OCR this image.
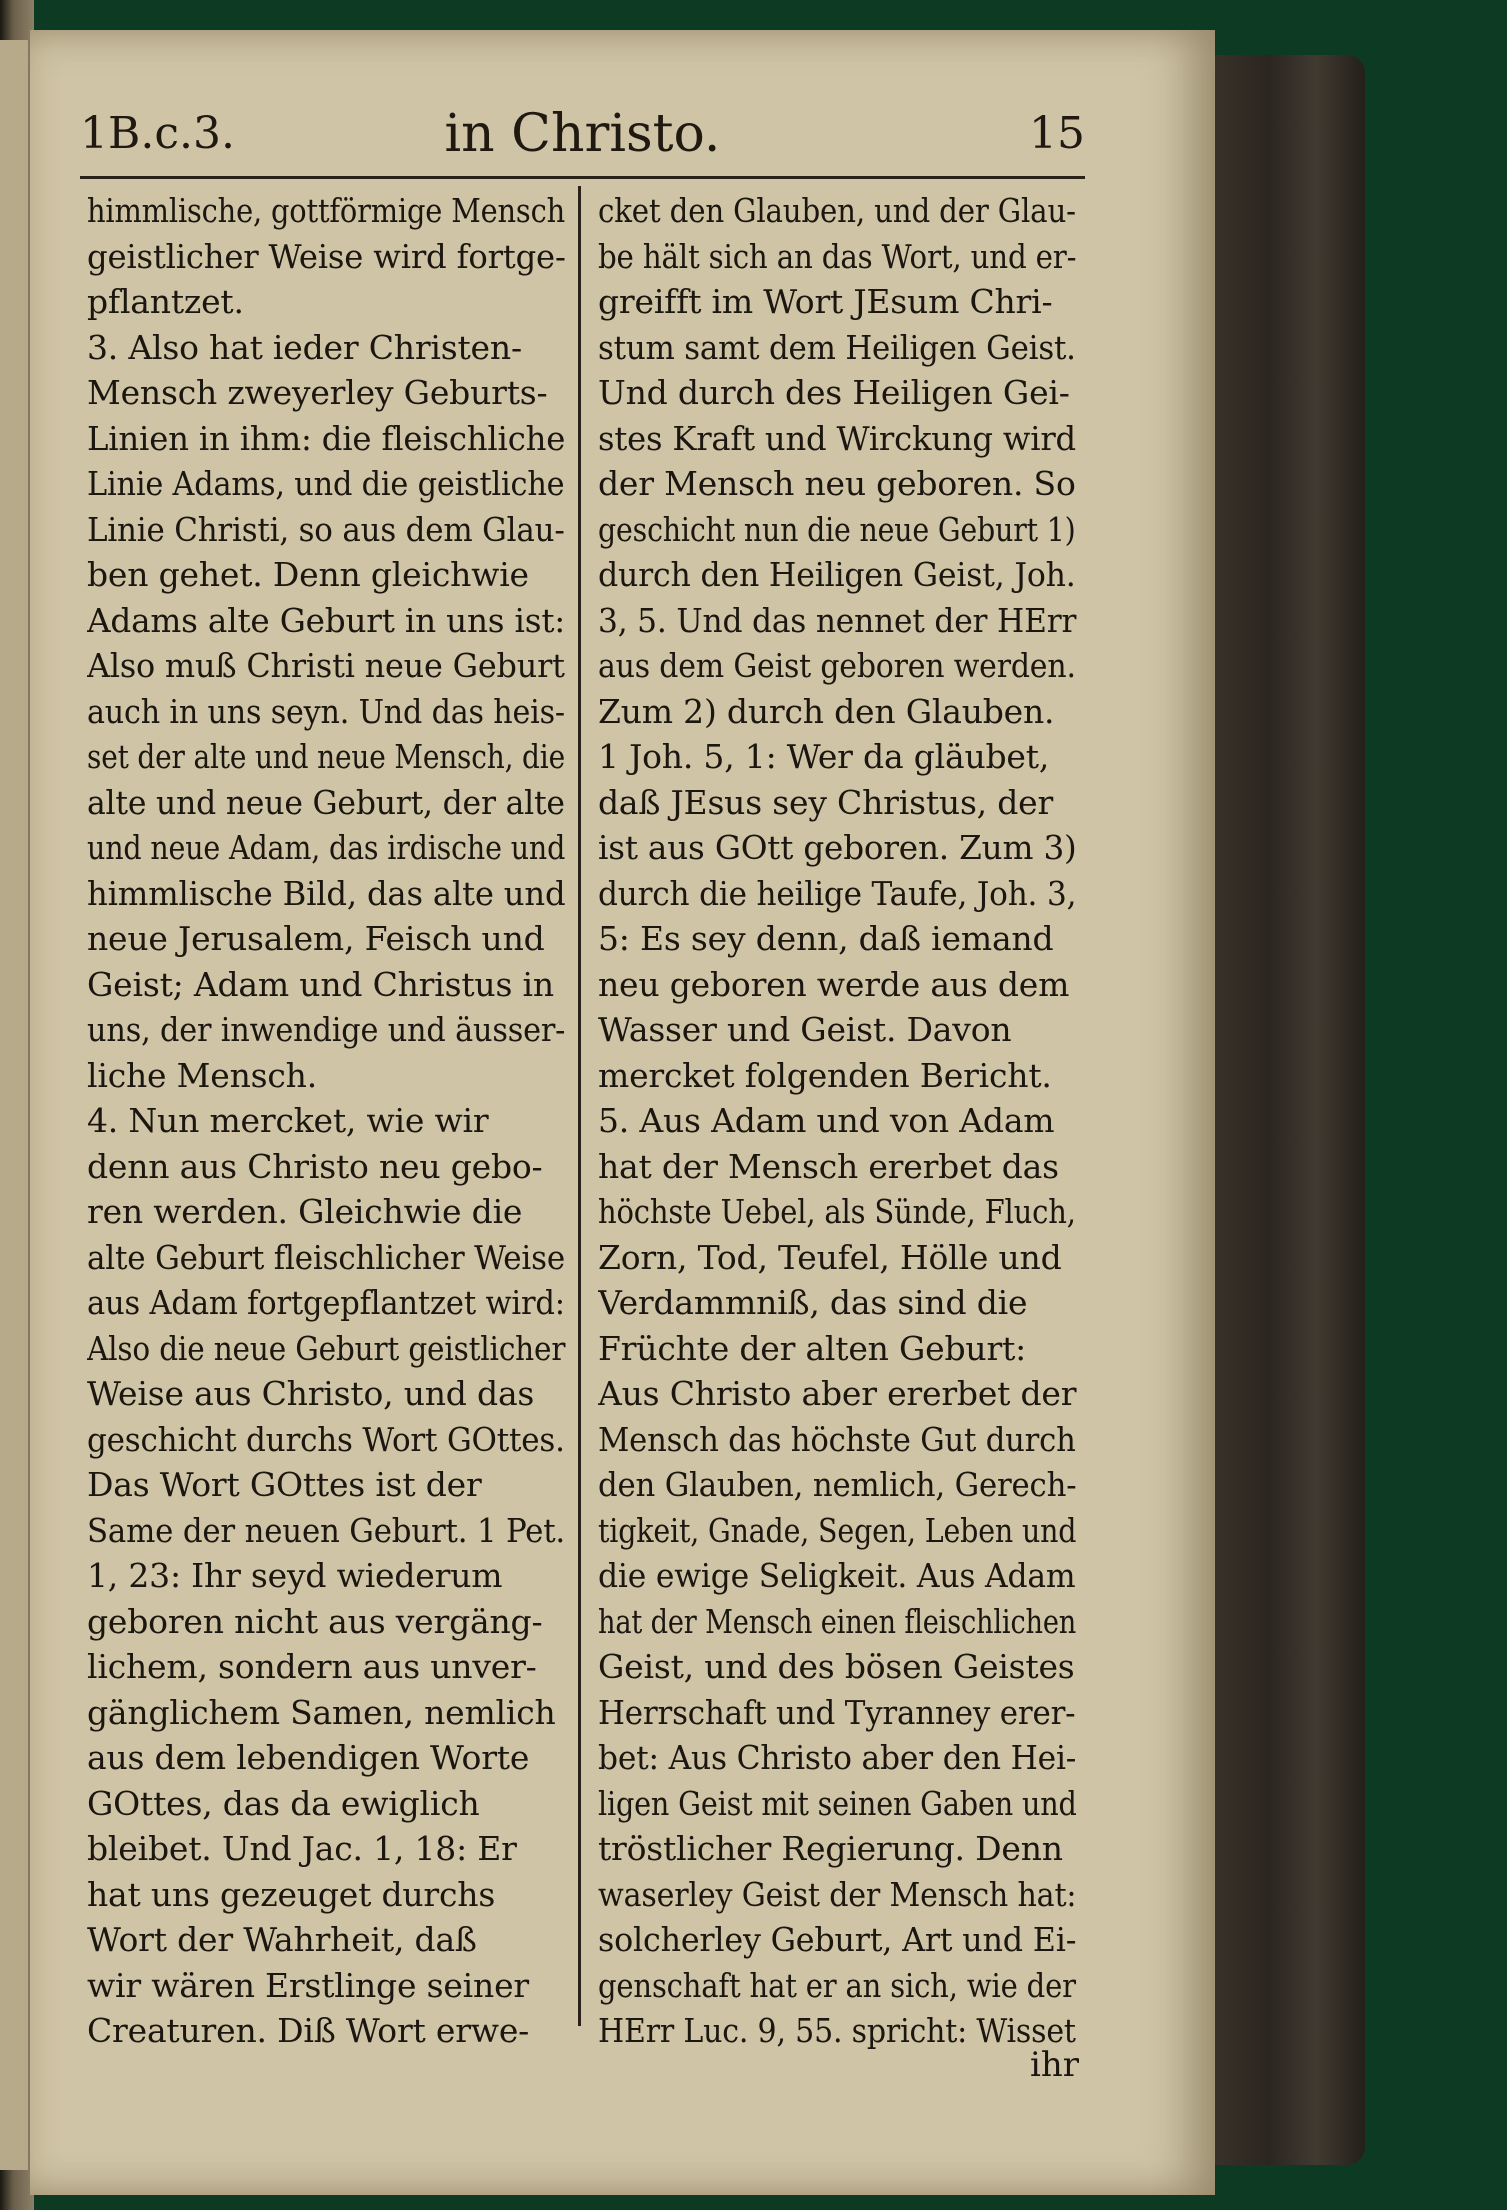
1B.c.3.	in Christo.	15
himmlische, gottförmige Mensch
geistlicher Weise wird fortge-
pflantzet.
3. Also hat ieder Christen-
Mensch zweyerley Geburts-
Linien in ihm: die fleischliche
Linie Adams, und die geistliche
Linie Christi, so aus dem Glau-
ben gehet. Denn gleichwie
Adams alte Geburt in uns ist:
Also muß Christi neue Geburt
auch in uns seyn. Und das heis-
set der alte und neue Mensch, die
alte und neue Geburt, der alte
und neue Adam, das irdische und
himmlische Bild, das alte und
neue Jerusalem, Feisch und
Geist; Adam und Christus in
uns, der inwendige und äusser-
liche Mensch.
4. Nun mercket, wie wir
denn aus Christo neu gebo-
ren werden. Gleichwie die
alte Geburt fleischlicher Weise
aus Adam fortgepflantzet wird:
Also die neue Geburt geistlicher
Weise aus Christo, und das
geschicht durchs Wort GOttes.
Das Wort GOttes ist der
Same der neuen Geburt. 1 Pet.
1, 23: Ihr seyd wiederum
geboren nicht aus vergäng-
lichem, sondern aus unver-
gänglichem Samen, nemlich
aus dem lebendigen Worte
GOttes, das da ewiglich
bleibet. Und Jac. 1, 18: Er
hat uns gezeuget durchs
Wort der Wahrheit, daß
wir wären Erstlinge seiner
Creaturen. Diß Wort erwe-
cket den Glauben, und der Glau-
be hält sich an das Wort, und er-
greifft im Wort JEsum Chri-
stum samt dem Heiligen Geist.
Und durch des Heiligen Gei-
stes Kraft und Wirckung wird
der Mensch neu geboren. So
geschicht nun die neue Geburt 1)
durch den Heiligen Geist, Joh.
3, 5. Und das nennet der HErr
aus dem Geist geboren werden.
Zum 2) durch den Glauben.
1 Joh. 5, 1: Wer da gläubet,
daß JEsus sey Christus, der
ist aus GOtt geboren. Zum 3)
durch die heilige Taufe, Joh. 3,
5: Es sey denn, daß iemand
neu geboren werde aus dem
Wasser und Geist. Davon
mercket folgenden Bericht.
5. Aus Adam und von Adam
hat der Mensch ererbet das
höchste Uebel, als Sünde, Fluch,
Zorn, Tod, Teufel, Hölle und
Verdammniß, das sind die
Früchte der alten Geburt:
Aus Christo aber ererbet der
Mensch das höchste Gut durch
den Glauben, nemlich, Gerech-
tigkeit, Gnade, Segen, Leben und
die ewige Seligkeit. Aus Adam
hat der Mensch einen fleischlichen
Geist, und des bösen Geistes
Herrschaft und Tyranney erer-
bet: Aus Christo aber den Hei-
ligen Geist mit seinen Gaben und
tröstlicher Regierung. Denn
waserley Geist der Mensch hat:
solcherley Geburt, Art und Ei-
genschaft hat er an sich, wie der
HErr Luc. 9, 55. spricht: Wisset
ihr
